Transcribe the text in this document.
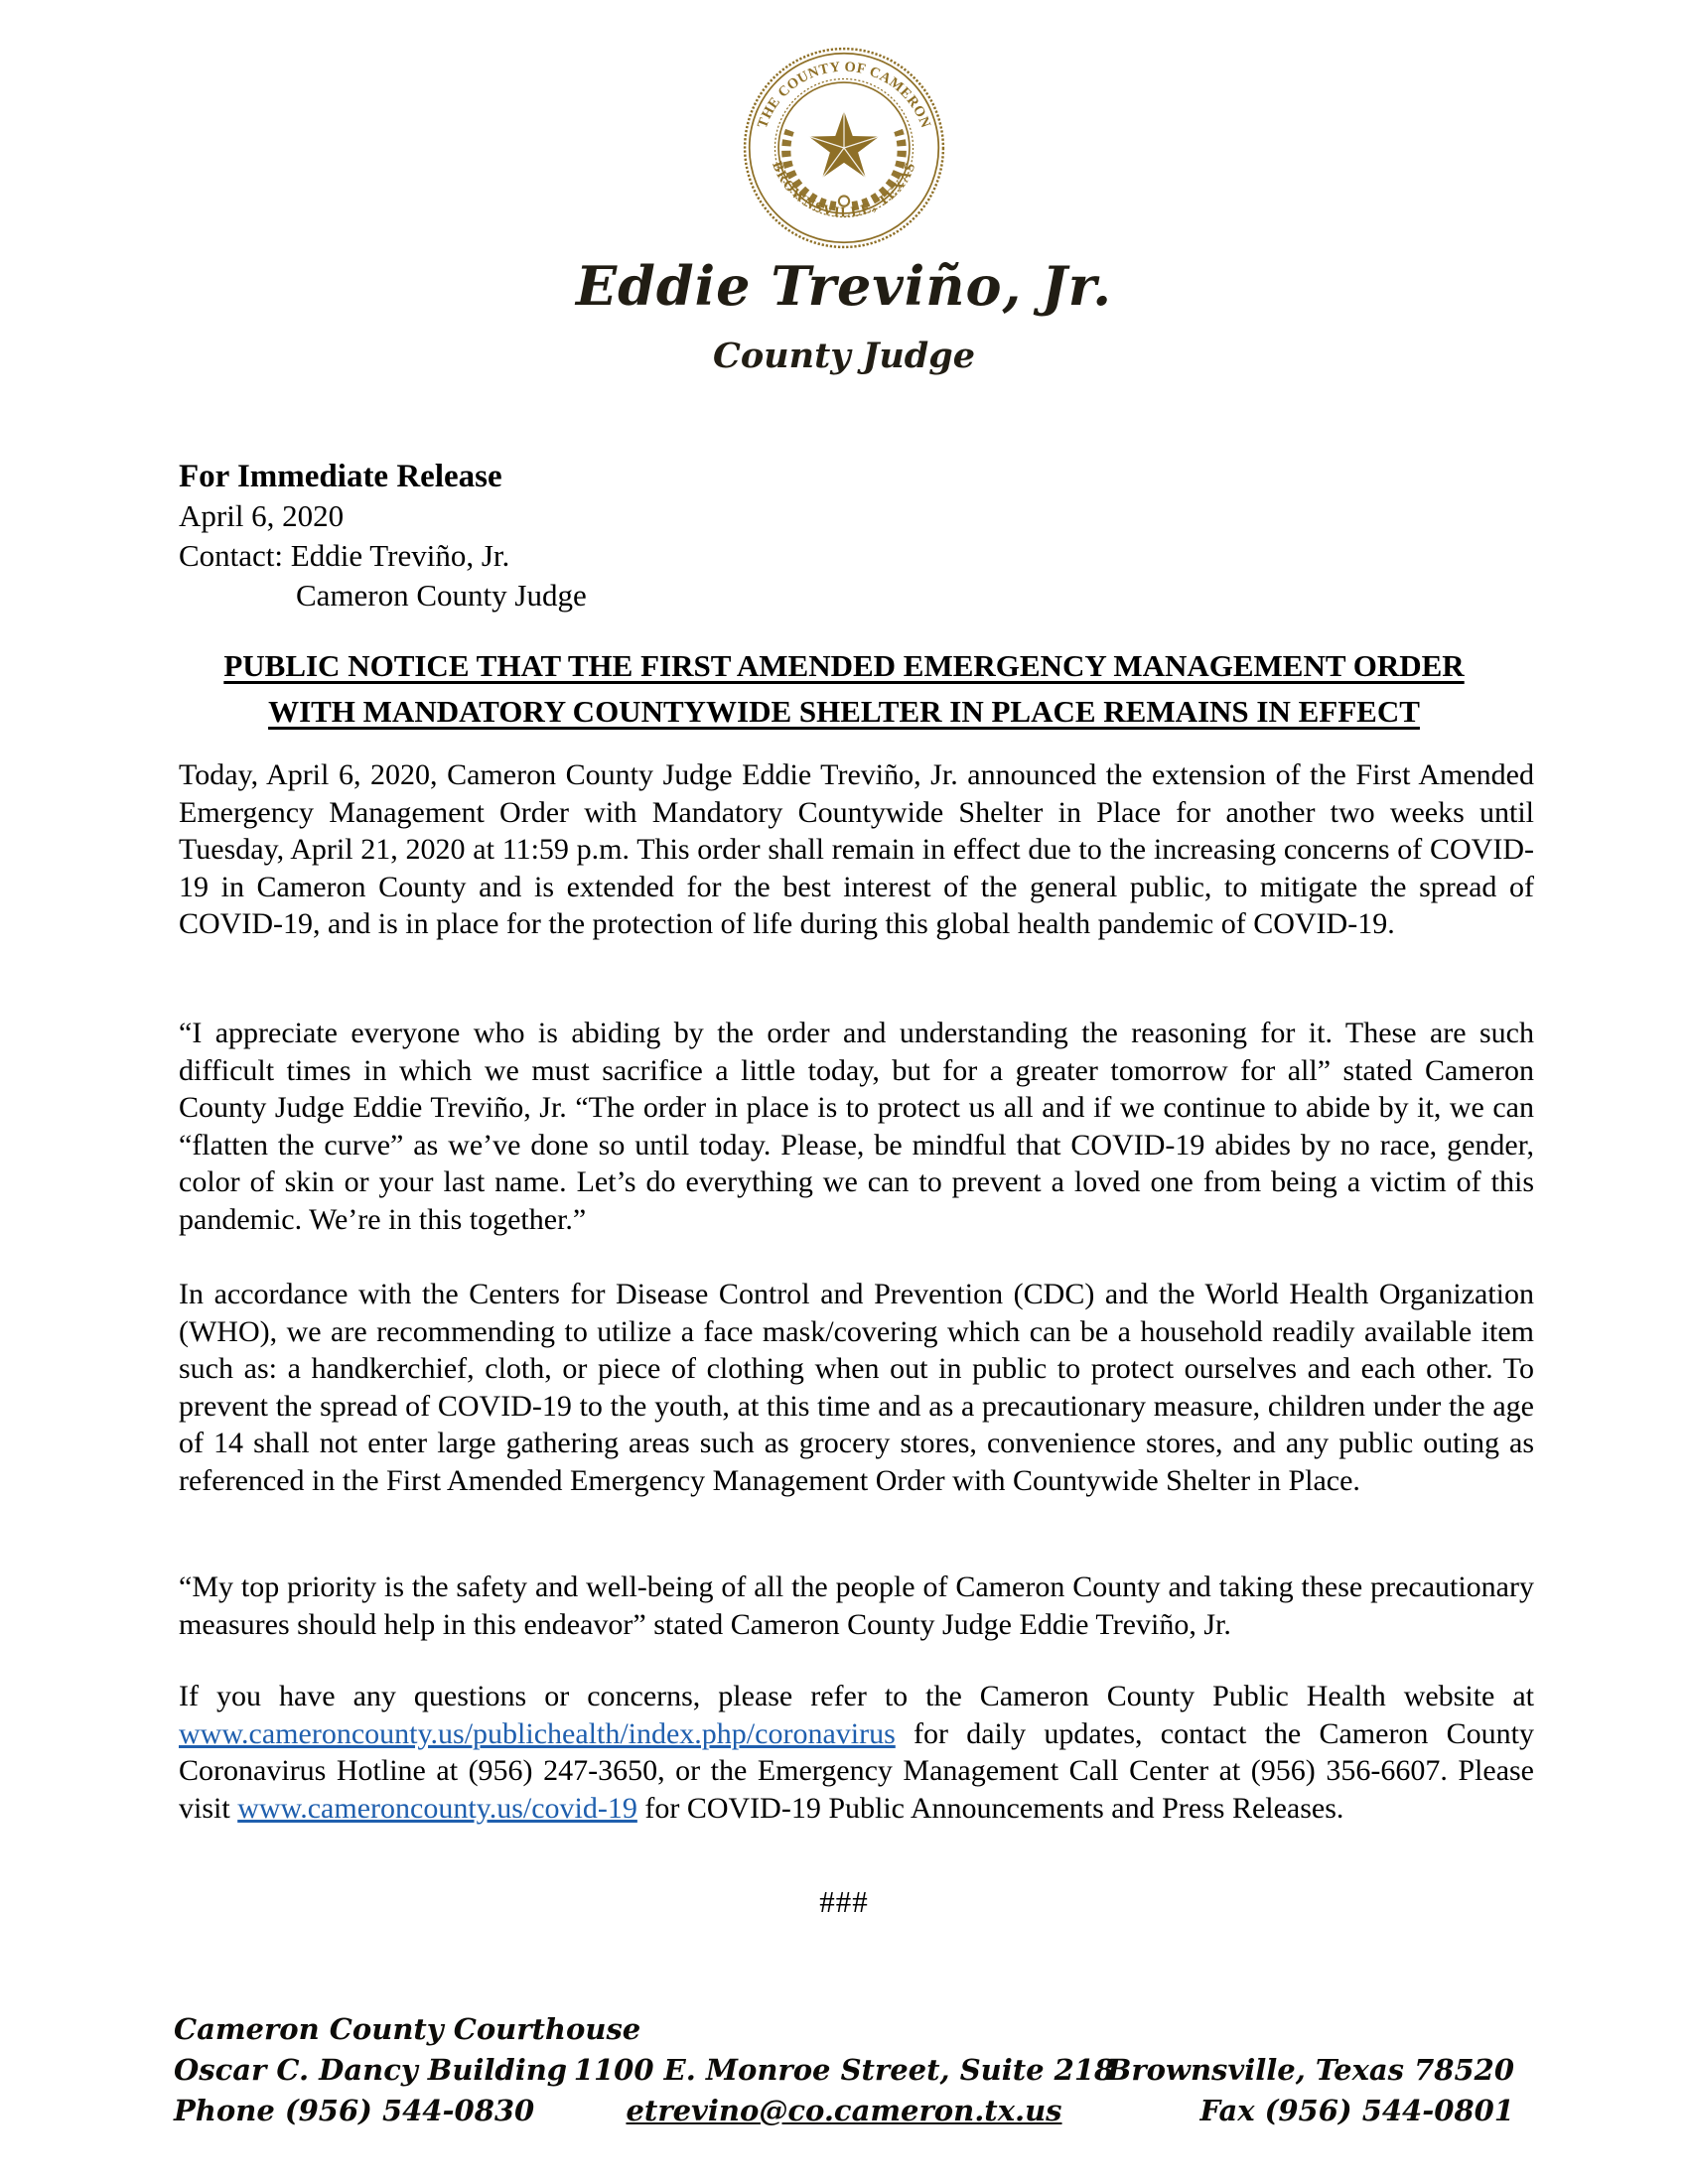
THE COUNTY OF CAMERON
BROWNSVILLE, TEXAS
Eddie Treviño, Jr.
County Judge
For Immediate Release
April 6, 2020
Contact: Eddie Treviño, Jr.
Cameron County Judge
PUBLIC NOTICE THAT THE FIRST AMENDED EMERGENCY MANAGEMENT ORDER
WITH MANDATORY COUNTYWIDE SHELTER IN PLACE REMAINS IN EFFECT
Today, April 6, 2020, Cameron County Judge Eddie Treviño, Jr. announced the extension of the First Amended Emergency Management Order with Mandatory Countywide Shelter in Place for another two weeks until Tuesday, April 21, 2020 at 11:59 p.m. This order shall remain in effect due to the increasing concerns of COVID-19 in Cameron County and is extended for the best interest of the general public, to mitigate the spread of COVID-19, and is in place for the protection of life during this global health pandemic of COVID-19.
“I appreciate everyone who is abiding by the order and understanding the reasoning for it. These are such difficult times in which we must sacrifice a little today, but for a greater tomorrow for all” stated Cameron County Judge Eddie Treviño, Jr. “The order in place is to protect us all and if we continue to abide by it, we can “flatten the curve” as we’ve done so until today. Please, be mindful that COVID-19 abides by no race, gender, color of skin or your last name. Let’s do everything we can to prevent a loved one from being a victim of this pandemic. We’re in this together.”
In accordance with the Centers for Disease Control and Prevention (CDC) and the World Health Organization (WHO), we are recommending to utilize a face mask/covering which can be a household readily available item such as: a handkerchief, cloth, or piece of clothing when out in public to protect ourselves and each other. To prevent the spread of COVID-19 to the youth, at this time and as a precautionary measure, children under the age of 14 shall not enter large gathering areas such as grocery stores, convenience stores, and any public outing as referenced in the First Amended Emergency Management Order with Countywide Shelter in Place.
“My top priority is the safety and well-being of all the people of Cameron County and taking these precautionary measures should help in this endeavor” stated Cameron County Judge Eddie Treviño, Jr.
If you have any questions or concerns, please refer to the Cameron County Public Health website at www.cameroncounty.us/publichealth/index.php/coronavirus for daily updates, contact the Cameron County Coronavirus Hotline at (956) 247-3650, or the Emergency Management Call Center at (956) 356-6607. Please visit www.cameroncounty.us/covid-19 for COVID-19 Public Announcements and Press Releases.
###
Cameron County Courthouse
Oscar C. Dancy Building
Phone (956) 544-0830
1100 E. Monroe Street, Suite 218
etrevino@co.cameron.tx.us
Brownsville, Texas 78520
Fax (956) 544-0801
